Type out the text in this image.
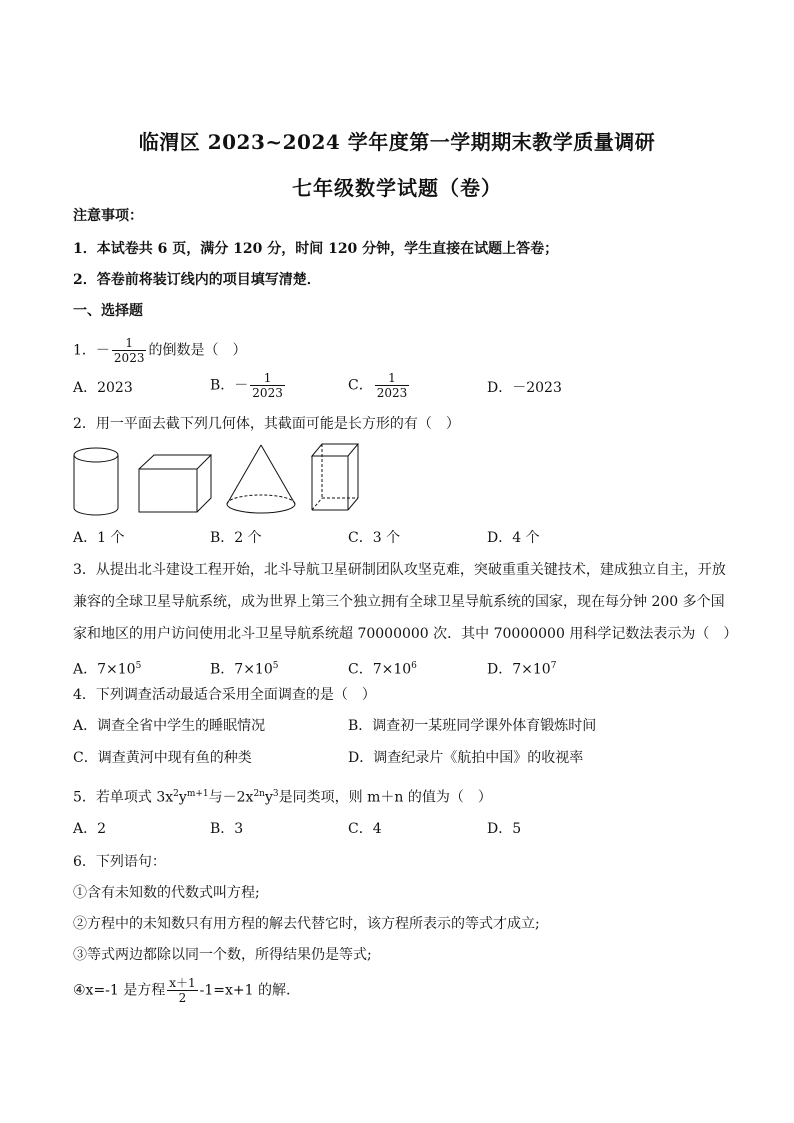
临渭区 2023~2024 学年度第一学期期末教学质量调研
七年级数学试题（卷）
注意事项：
1．本试卷共 6 页，满分 120 分，时间 120 分钟，学生直接在试题上答卷；
2．答卷前将装订线内的项目填写清楚．
一、选择题
1．－ $\frac{1}{2023}$ 的倒数是（　）
A．2023	B．－ $\frac{1}{2023}$	C． $\frac{1}{2023}$	D．－2023
2．用一平面去截下列几何体，其截面可能是长方形的有（　）
A．1 个	B．2 个	C．3 个	D．4 个
3．从提出北斗建设工程开始，北斗导航卫星研制团队攻坚克难，突破重重关键技术，建成独立自主，开放
兼容的全球卫星导航系统，成为世界上第三个独立拥有全球卫星导航系统的国家，现在每分钟 200 多个国
家和地区的用户访问使用北斗卫星导航系统超 70000000 次．其中 70000000 用科学记数法表示为（　）
A．$7\times 10^5$	B．$7\times 10^5$	C．$7\times 10^6$	D．$7\times 10^7$
4．下列调查活动最适合采用全面调查的是（　）
A．调查全省中学生的睡眠情况	B．调查初一某班同学课外体育锻炼时间
C．调查黄河中现有鱼的种类	D．调查纪录片《航拍中国》的收视率
5．若单项式 $3x^2y^{m+1}$与$-2x^{2n}y^3$是同类项，则 m＋n 的值为（　）
A．2	B．3	C．4	D．5
6．下列语句：
①含有未知数的代数式叫方程;
②方程中的未知数只有用方程的解去代替它时，该方程所表示的等式才成立;
③等式两边都除以同一个数，所得结果仍是等式;
④x=-1 是方程 $\frac{x+1}{2} -1=x+1$ 的解.
